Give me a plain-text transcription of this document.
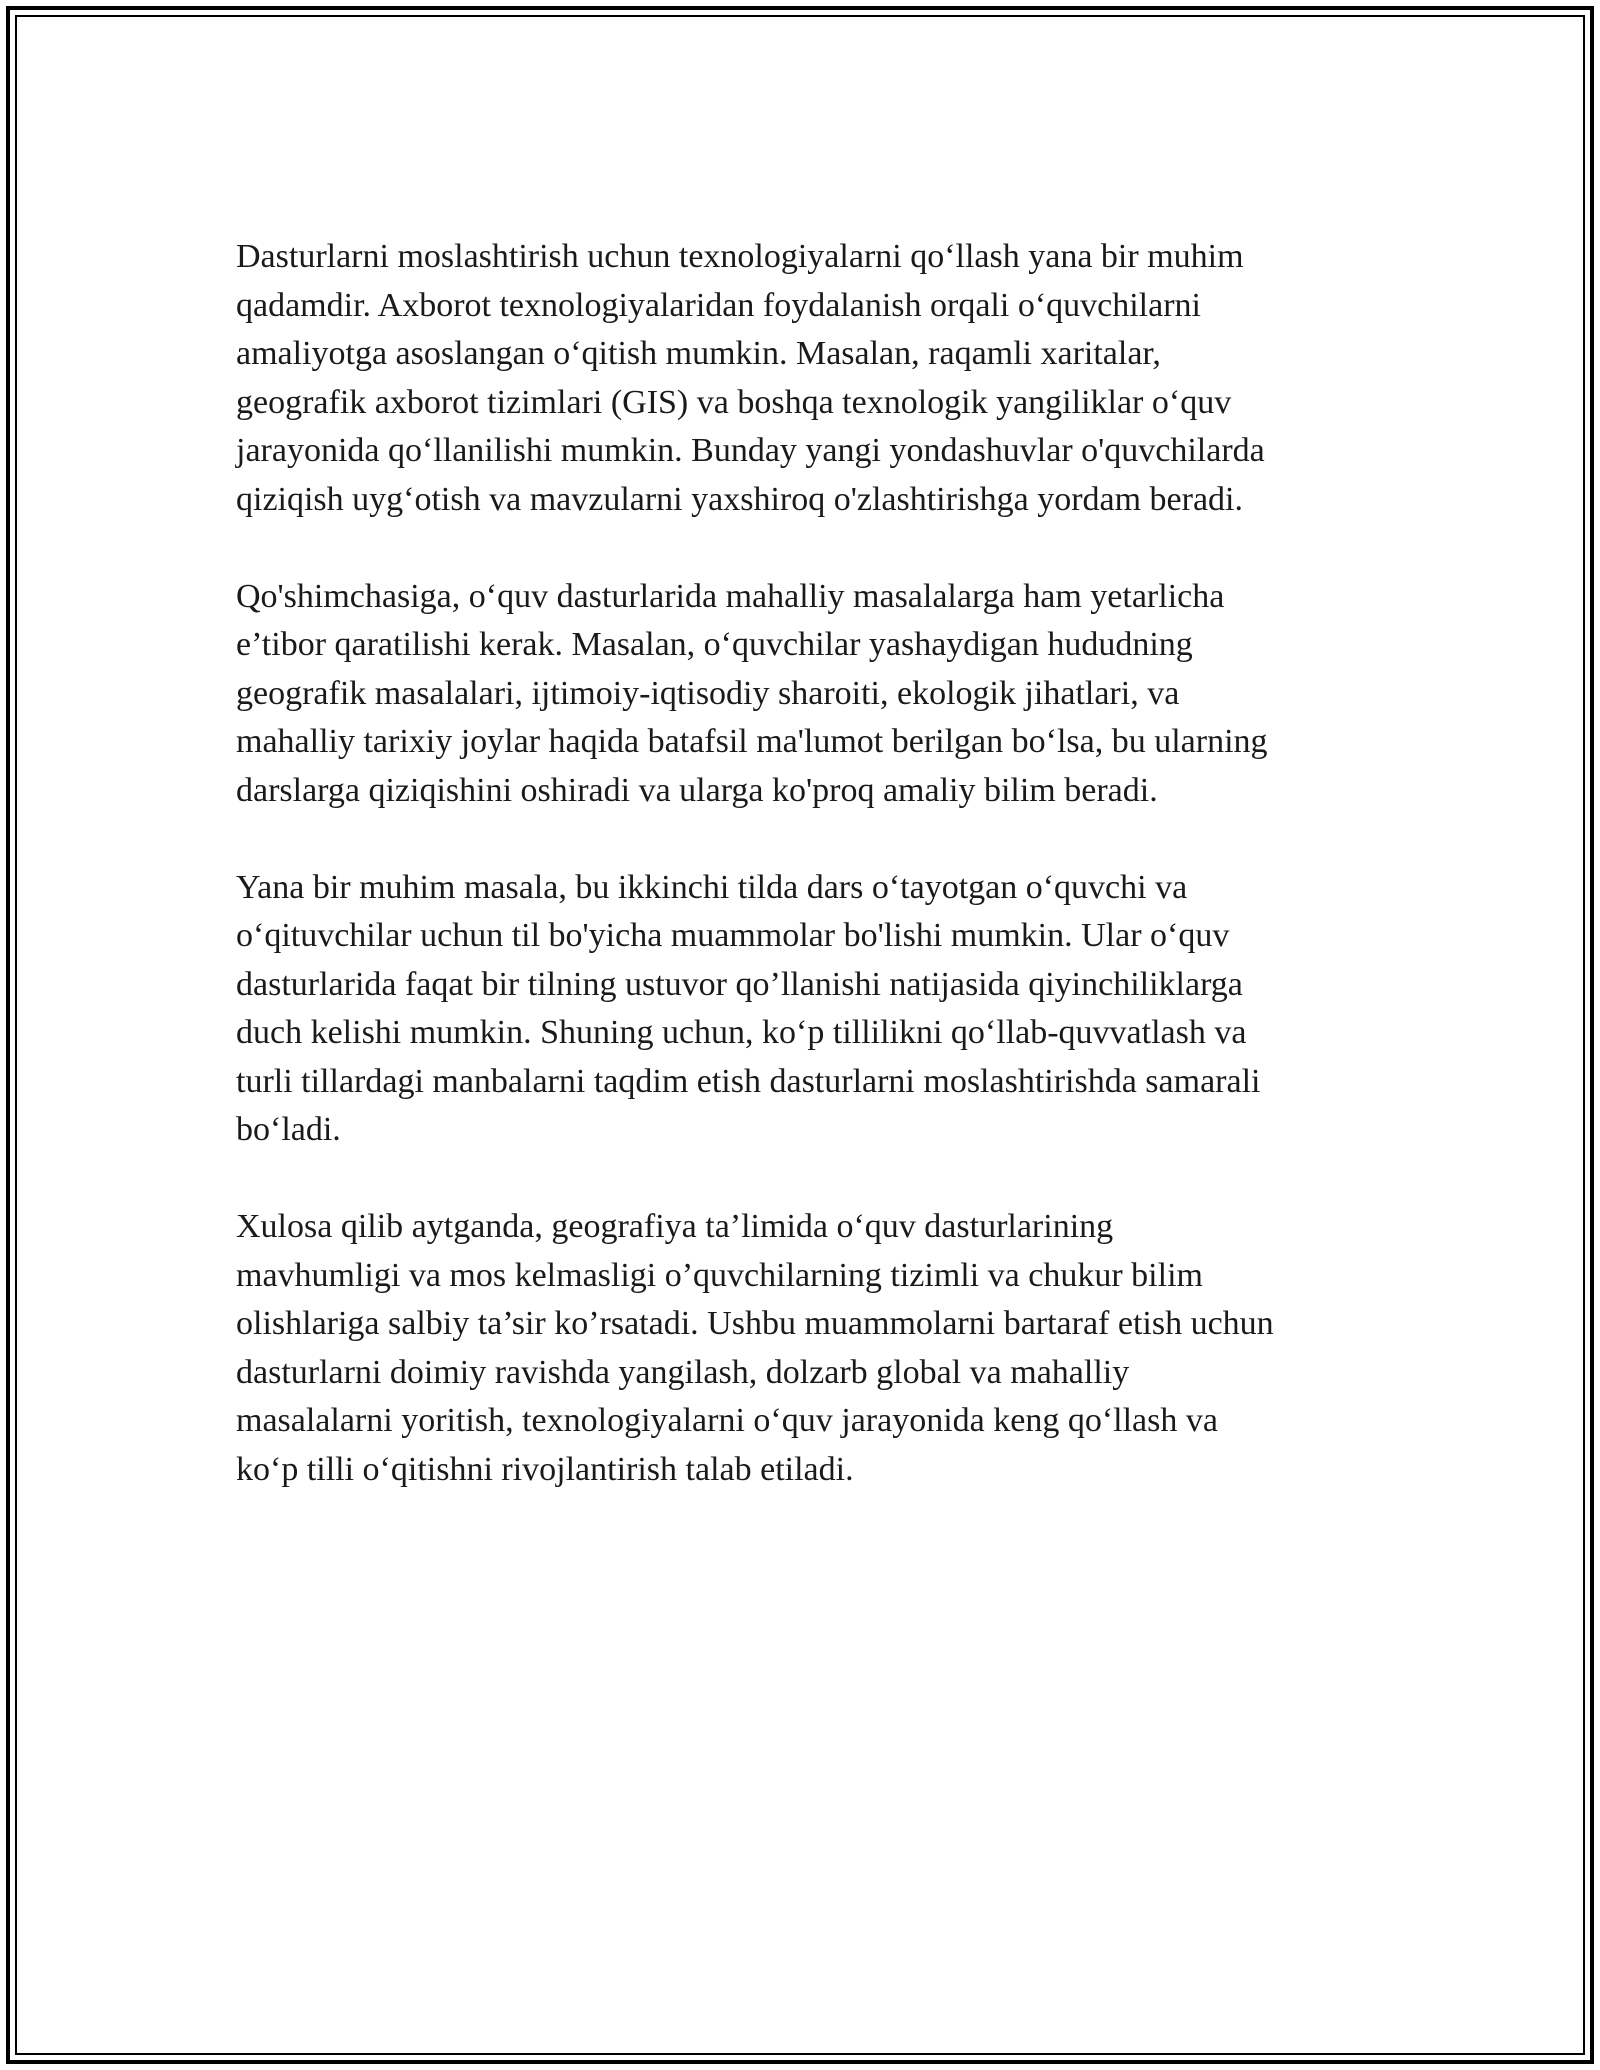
Dasturlarni moslashtirish uchun texnologiyalarni qo‘llash yana bir muhim
qadamdir. Axborot texnologiyalaridan foydalanish orqali o‘quvchilarni
amaliyotga asoslangan o‘qitish mumkin. Masalan, raqamli xaritalar,
geografik axborot tizimlari (GIS) va boshqa texnologik yangiliklar o‘quv
jarayonida qo‘llanilishi mumkin. Bunday yangi yondashuvlar o'quvchilarda
qiziqish uyg‘otish va mavzularni yaxshiroq o'zlashtirishga yordam beradi.

Qo'shimchasiga, o‘quv dasturlarida mahalliy masalalarga ham yetarlicha
e’tibor qaratilishi kerak. Masalan, o‘quvchilar yashaydigan hududning
geografik masalalari, ijtimoiy-iqtisodiy sharoiti, ekologik jihatlari, va
mahalliy tarixiy joylar haqida batafsil ma'lumot berilgan bo‘lsa, bu ularning
darslarga qiziqishini oshiradi va ularga ko'proq amaliy bilim beradi.

Yana bir muhim masala, bu ikkinchi tilda dars o‘tayotgan o‘quvchi va
o‘qituvchilar uchun til bo'yicha muammolar bo'lishi mumkin. Ular o‘quv
dasturlarida faqat bir tilning ustuvor qo’llanishi natijasida qiyinchiliklarga
duch kelishi mumkin. Shuning uchun, ko‘p tillilikni qo‘llab-quvvatlash va
turli tillardagi manbalarni taqdim etish dasturlarni moslashtirishda samarali
bo‘ladi.

Xulosa qilib aytganda, geografiya ta’limida o‘quv dasturlarining
mavhumligi va mos kelmasligi o’quvchilarning tizimli va chukur bilim
olishlariga salbiy ta’sir ko’rsatadi. Ushbu muammolarni bartaraf etish uchun
dasturlarni doimiy ravishda yangilash, dolzarb global va mahalliy
masalalarni yoritish, texnologiyalarni o‘quv jarayonida keng qo‘llash va
ko‘p tilli o‘qitishni rivojlantirish talab etiladi.
